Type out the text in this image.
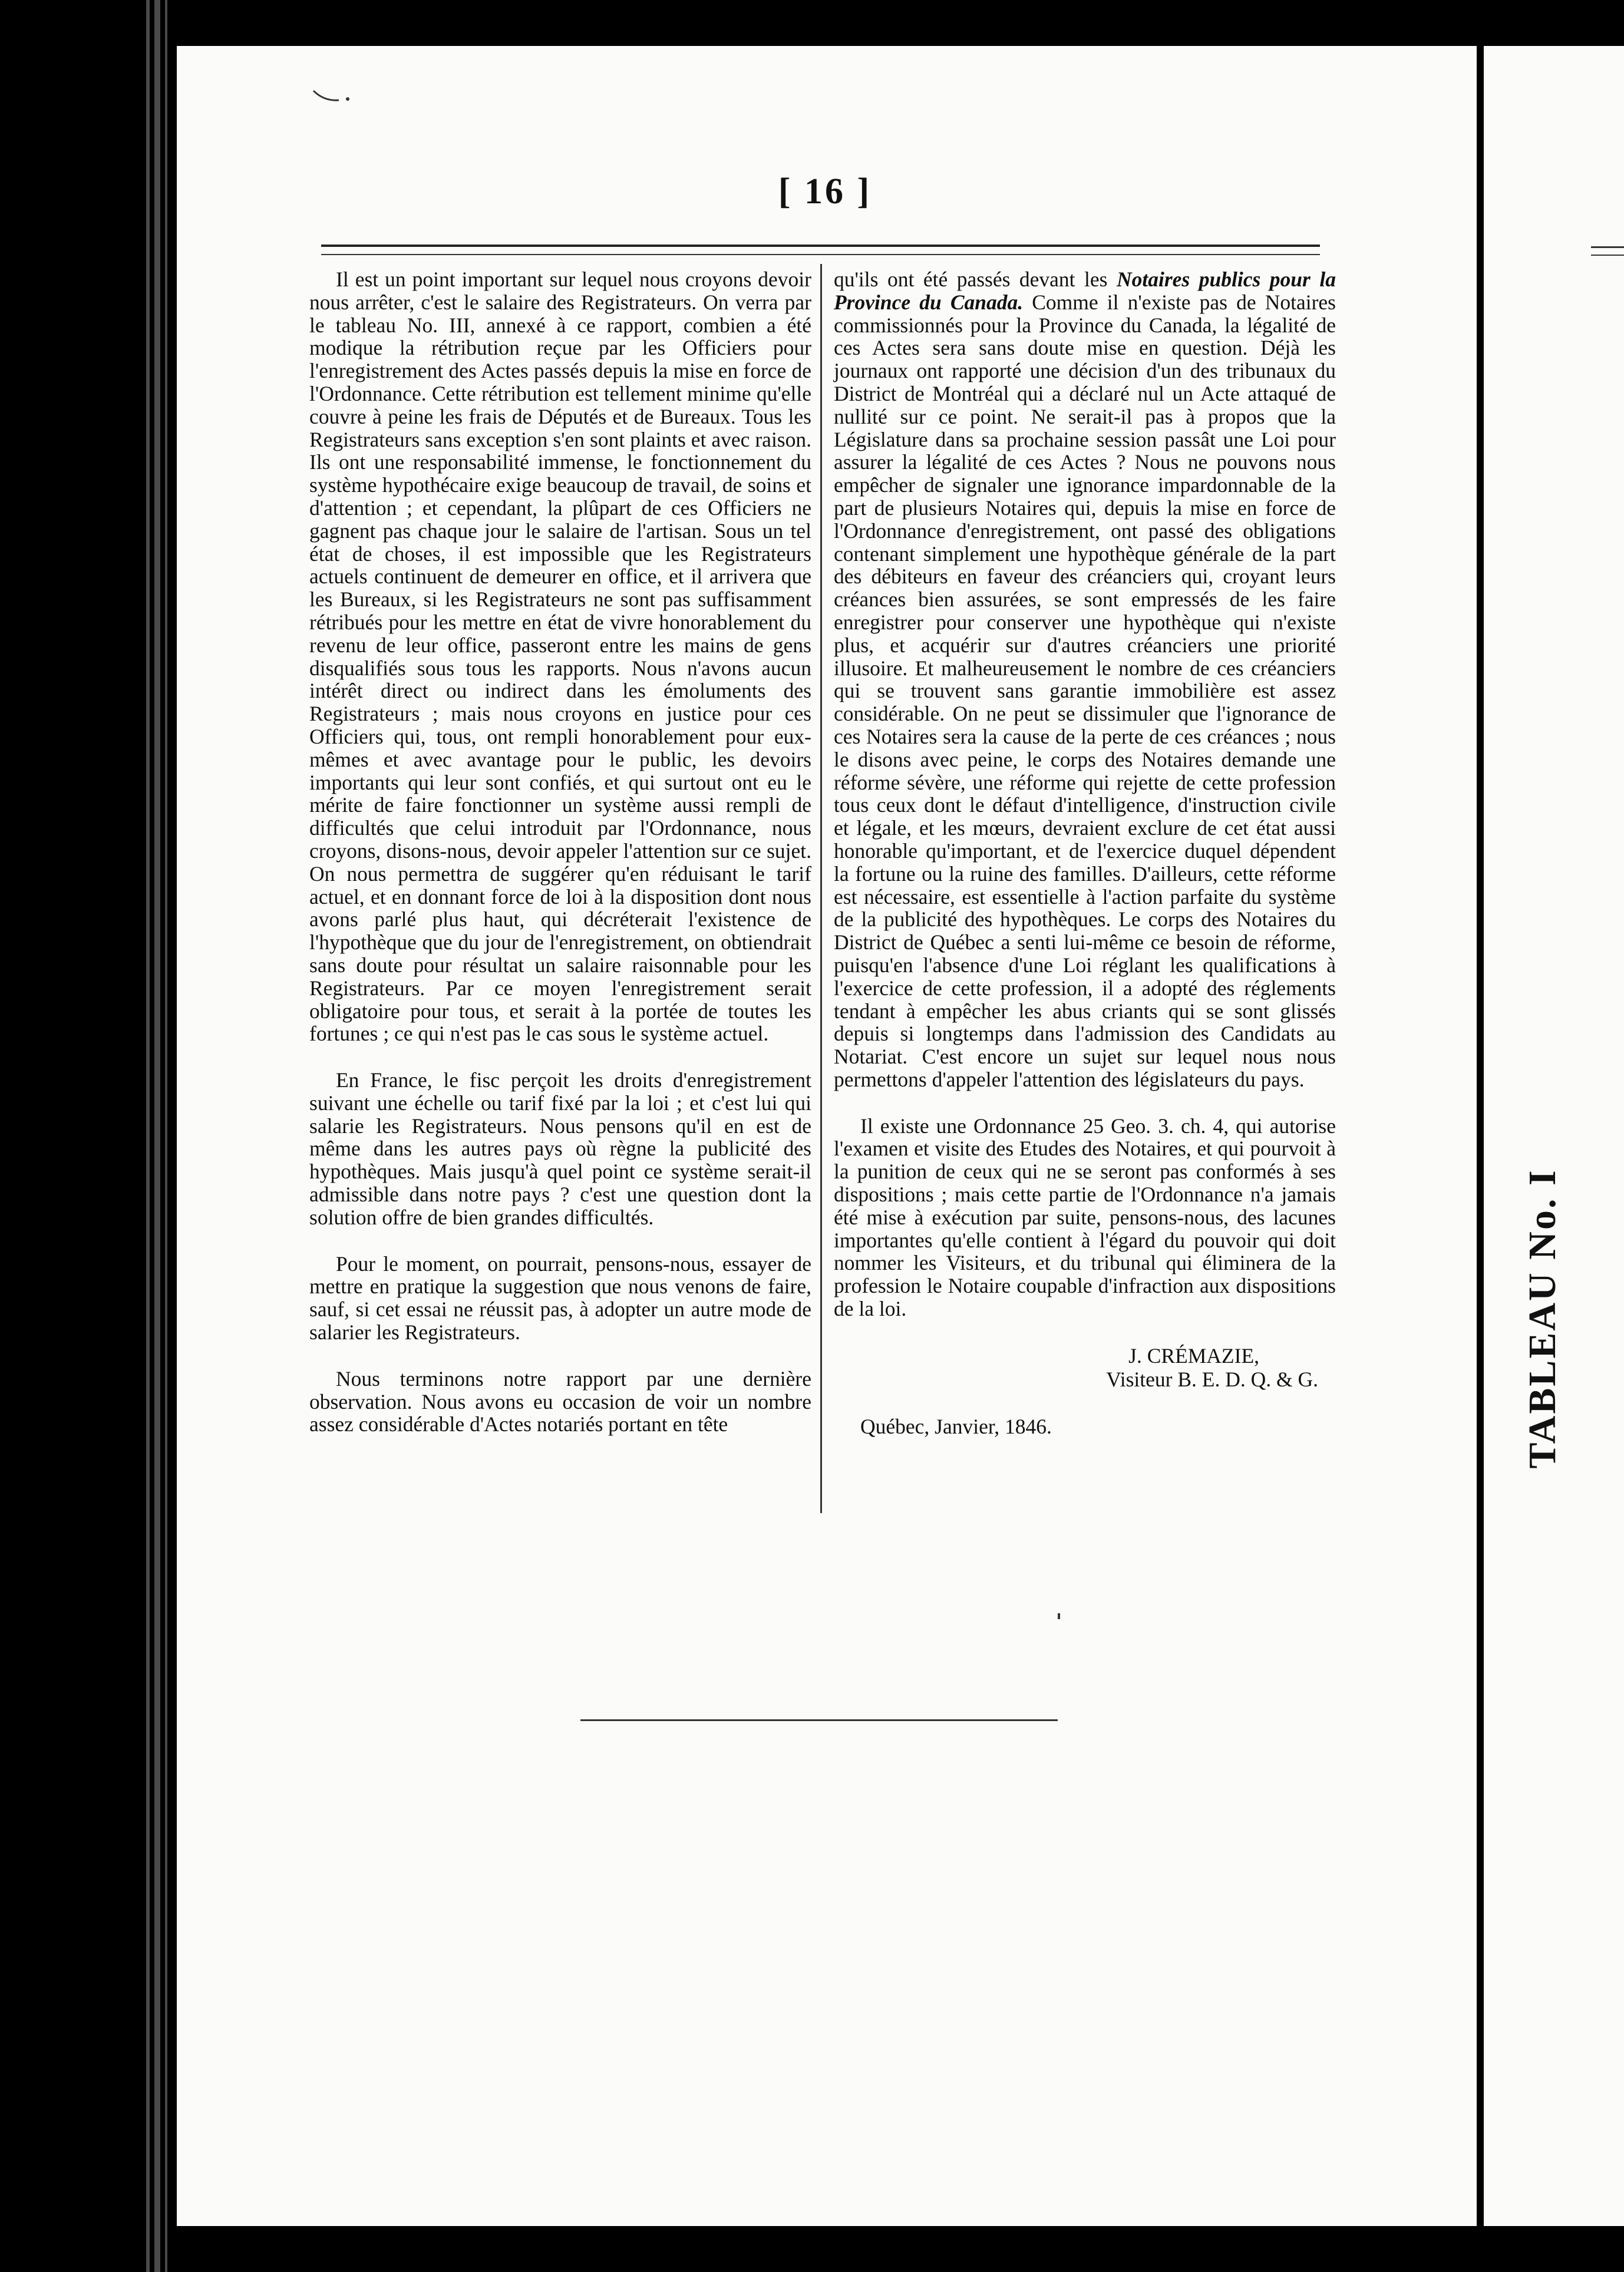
[ 16 ]

Il est un point important sur lequel nous croyons devoir nous arrêter, c'est le salaire des Registrateurs. On verra par le tableau No. III, annexé à ce rapport, combien a été modique la rétribution reçue par les Officiers pour l'enregistrement des Actes passés depuis la mise en force de l'Ordonnance. Cette rétribution est tellement minime qu'elle couvre à peine les frais de Députés et de Bureaux. Tous les Registrateurs sans exception s'en sont plaints et avec raison. Ils ont une responsabilité immense, le fonctionnement du système hypothécaire exige beaucoup de travail, de soins et d'attention ; et cependant, la plûpart de ces Officiers ne gagnent pas chaque jour le salaire de l'artisan. Sous un tel état de choses, il est impossible que les Registrateurs actuels continuent de demeurer en office, et il arrivera que les Bureaux, si les Registrateurs ne sont pas suffisamment rétribués pour les mettre en état de vivre honorablement du revenu de leur office, passeront entre les mains de gens disqualifiés sous tous les rapports. Nous n'avons aucun intérêt direct ou indirect dans les émoluments des Registrateurs ; mais nous croyons en justice pour ces Officiers qui, tous, ont rempli honorablement pour eux-mêmes et avec avantage pour le public, les devoirs importants qui leur sont confiés, et qui surtout ont eu le mérite de faire fonctionner un système aussi rempli de difficultés que celui introduit par l'Ordonnance, nous croyons, disons-nous, devoir appeler l'attention sur ce sujet. On nous permettra de suggérer qu'en réduisant le tarif actuel, et en donnant force de loi à la disposition dont nous avons parlé plus haut, qui décréterait l'existence de l'hypothèque que du jour de l'enregistrement, on obtiendrait sans doute pour résultat un salaire raisonnable pour les Registrateurs. Par ce moyen l'enregistrement serait obligatoire pour tous, et serait à la portée de toutes les fortunes ; ce qui n'est pas le cas sous le système actuel.

En France, le fisc perçoit les droits d'enregistrement suivant une échelle ou tarif fixé par la loi ; et c'est lui qui salarie les Registrateurs. Nous pensons qu'il en est de même dans les autres pays où règne la publicité des hypothèques. Mais jusqu'à quel point ce système serait-il admissible dans notre pays ? c'est une question dont la solution offre de bien grandes difficultés.

Pour le moment, on pourrait, pensons-nous, essayer de mettre en pratique la suggestion que nous venons de faire, sauf, si cet essai ne réussit pas, à adopter un autre mode de salarier les Registrateurs.

Nous terminons notre rapport par une dernière observation. Nous avons eu occasion de voir un nombre assez considérable d'Actes notariés portant en tête

qu'ils ont été passés devant les Notaires publics pour la Province du Canada. Comme il n'existe pas de Notaires commissionnés pour la Province du Canada, la légalité de ces Actes sera sans doute mise en question. Déjà les journaux ont rapporté une décision d'un des tribunaux du District de Montréal qui a déclaré nul un Acte attaqué de nullité sur ce point. Ne serait-il pas à propos que la Législature dans sa prochaine session passât une Loi pour assurer la légalité de ces Actes ? Nous ne pouvons nous empêcher de signaler une ignorance impardonnable de la part de plusieurs Notaires qui, depuis la mise en force de l'Ordonnance d'enregistrement, ont passé des obligations contenant simplement une hypothèque générale de la part des débiteurs en faveur des créanciers qui, croyant leurs créances bien assurées, se sont empressés de les faire enregistrer pour conserver une hypothèque qui n'existe plus, et acquérir sur d'autres créanciers une priorité illusoire. Et malheureusement le nombre de ces créanciers qui se trouvent sans garantie immobilière est assez considérable. On ne peut se dissimuler que l'ignorance de ces Notaires sera la cause de la perte de ces créances ; nous le disons avec peine, le corps des Notaires demande une réforme sévère, une réforme qui rejette de cette profession tous ceux dont le défaut d'intelligence, d'instruction civile et légale, et les mœurs, devraient exclure de cet état aussi honorable qu'important, et de l'exercice duquel dépendent la fortune ou la ruine des familles. D'ailleurs, cette réforme est nécessaire, est essentielle à l'action parfaite du système de la publicité des hypothèques. Le corps des Notaires du District de Québec a senti lui-même ce besoin de réforme, puisqu'en l'absence d'une Loi réglant les qualifications à l'exercice de cette profession, il a adopté des réglements tendant à empêcher les abus criants qui se sont glissés depuis si longtemps dans l'admission des Candidats au Notariat. C'est encore un sujet sur lequel nous nous permettons d'appeler l'attention des législateurs du pays.

Il existe une Ordonnance 25 Geo. 3. ch. 4, qui autorise l'examen et visite des Etudes des Notaires, et qui pourvoit à la punition de ceux qui ne se seront pas conformés à ses dispositions ; mais cette partie de l'Ordonnance n'a jamais été mise à exécution par suite, pensons-nous, des lacunes importantes qu'elle contient à l'égard du pouvoir qui doit nommer les Visiteurs, et du tribunal qui éliminera de la profession le Notaire coupable d'infraction aux dispositions de la loi.

J. CRÉMAZIE,
Visiteur B. E. D. Q. & G.
Québec, Janvier, 1846.	TABLEAU No. I
